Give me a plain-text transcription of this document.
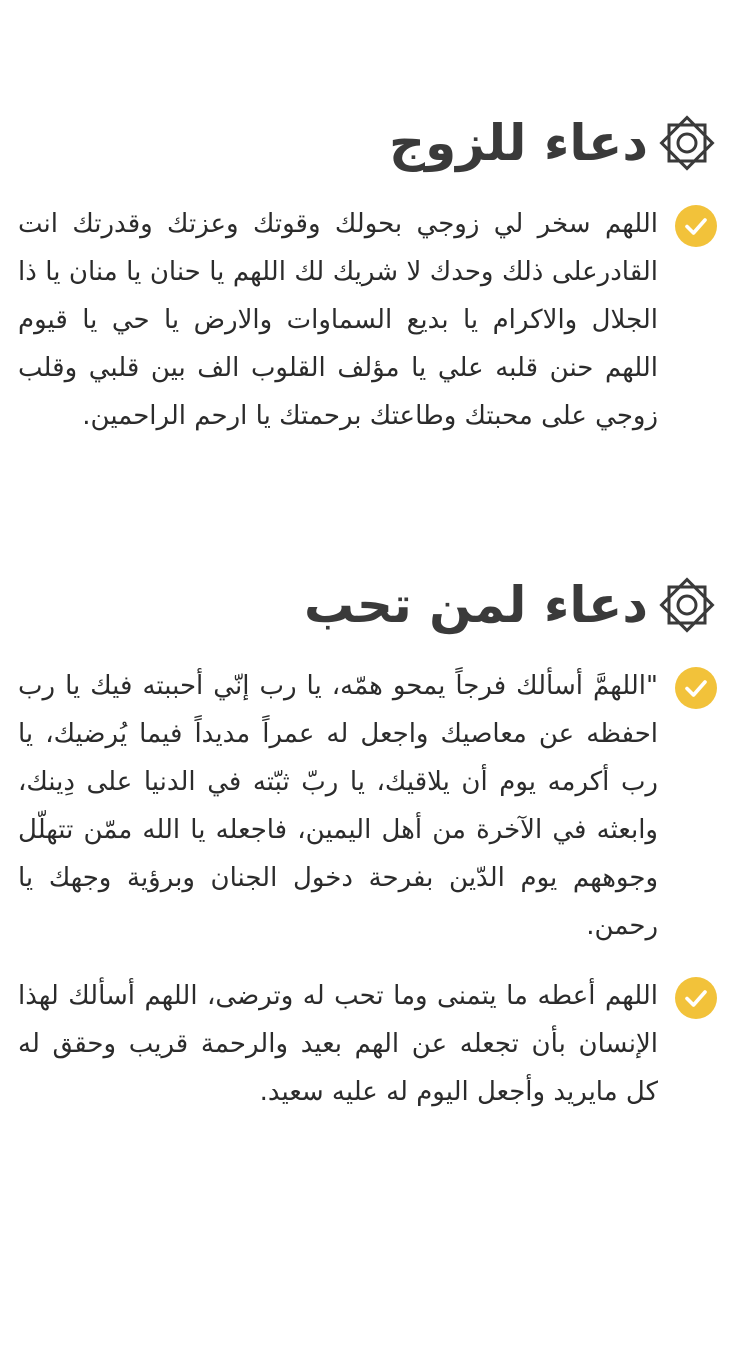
دعاء للزوج
اللهم سخر لي زوجي بحولك وقوتك وعزتك وقدرتك انت القادرعلى ذلك وحدك لا شريك لك اللهم يا حنان يا منان يا ذا الجلال والاكرام يا بديع السماوات والارض يا حي يا قيوم اللهم حنن قلبه علي يا مؤلف القلوب الف بين قلبي وقلب زوجي على محبتك وطاعتك برحمتك يا ارحم الراحمين.
دعاء لمن تحب
"اللهمَّ أسألك فرجاً يمحو همّه، يا رب إنّي أحببته فيك يا رب احفظه عن معاصيك واجعل له عمراً مديداً فيما يُرضيك، يا رب أكرمه يوم أن يلاقيك، يا ربّ ثبّته في الدنيا على دِينك، وابعثه في الآخرة من أهل اليمين، فاجعله يا الله ممّن تتهلّل وجوههم يوم الدّين بفرحة دخول الجنان وبرؤية وجهك يا رحمن.
اللهم أعطه ما يتمنى وما تحب له وترضى، اللهم أسألك لهذا الإنسان بأن تجعله عن الهم بعيد والرحمة قريب وحقق له كل مايريد وأجعل اليوم له عليه سعيد.
